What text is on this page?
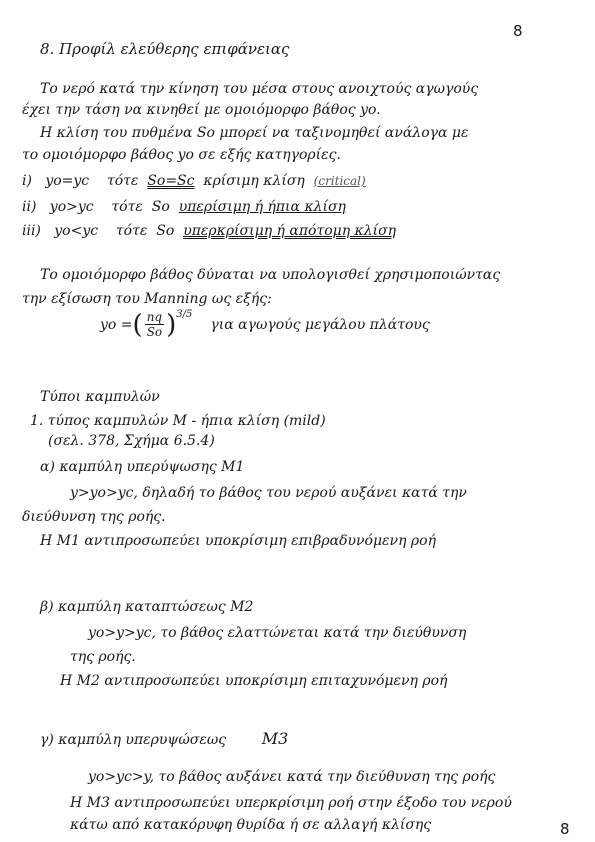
8
8. Προφίλ ελεύθερης επιφάνειας
Το νερό κατά την κίνηση του μέσα στους ανοιχτούς αγωγούς
έχει την τάση να κινηθεί με ομοιόμορφο βάθος yo.
Η κλίση του πυθμένα So μπορεί να ταξινομηθεί ανάλογα με
το ομοιόμορφο βάθος yo σε εξής κατηγορίες.
i) yo=yc τότε So=Sc κρίσιμη κλίση (critical)
ii) yo>yc τότε So υπερίσιμη ή ήπια κλίση
iii) yo<yc τότε So υπερκρίσιμη ή απότομη κλίση
Το ομοιόμορφο βάθος δύναται να υπολογισθεί χρησιμοποιώντας
την εξίσωση του Manning ως εξής:
yo = ( $\frac{nq}{So}$ ) 3/5
για αγωγούς μεγάλου πλάτους
Τύποι καμπυλών
1. τύπος καμπυλών Μ - ήπια κλίση (mild)
(σελ. 378, Σχήμα 6.5.4)
α) καμπύλη υπερύψωσης Μ1
y>yo>yc, δηλαδή το βάθος του νερού αυξάνει κατά την
διεύθυνση της ροής.
Η Μ1 αντιπροσωπεύει υποκρίσιμη επιβραδυνόμενη ροή
β) καμπύλη καταπτώσεως Μ2
yo>y>yc, το βάθος ελαττώνεται κατά την διεύθυνση
της ροής.
Η Μ2 αντιπροσωπεύει υποκρίσιμη επιταχυνόμενη ροή
γ) καμπύλη υπερυψώσεως Μ3
yo>yc>y, το βάθος αυξάνει κατά την διεύθυνση της ροής
Η Μ3 αντιπροσωπεύει υπερκρίσιμη ροή στην έξοδο του νερού
κάτω από κατακόρυφη θυρίδα ή σε αλλαγή κλίσης	8
